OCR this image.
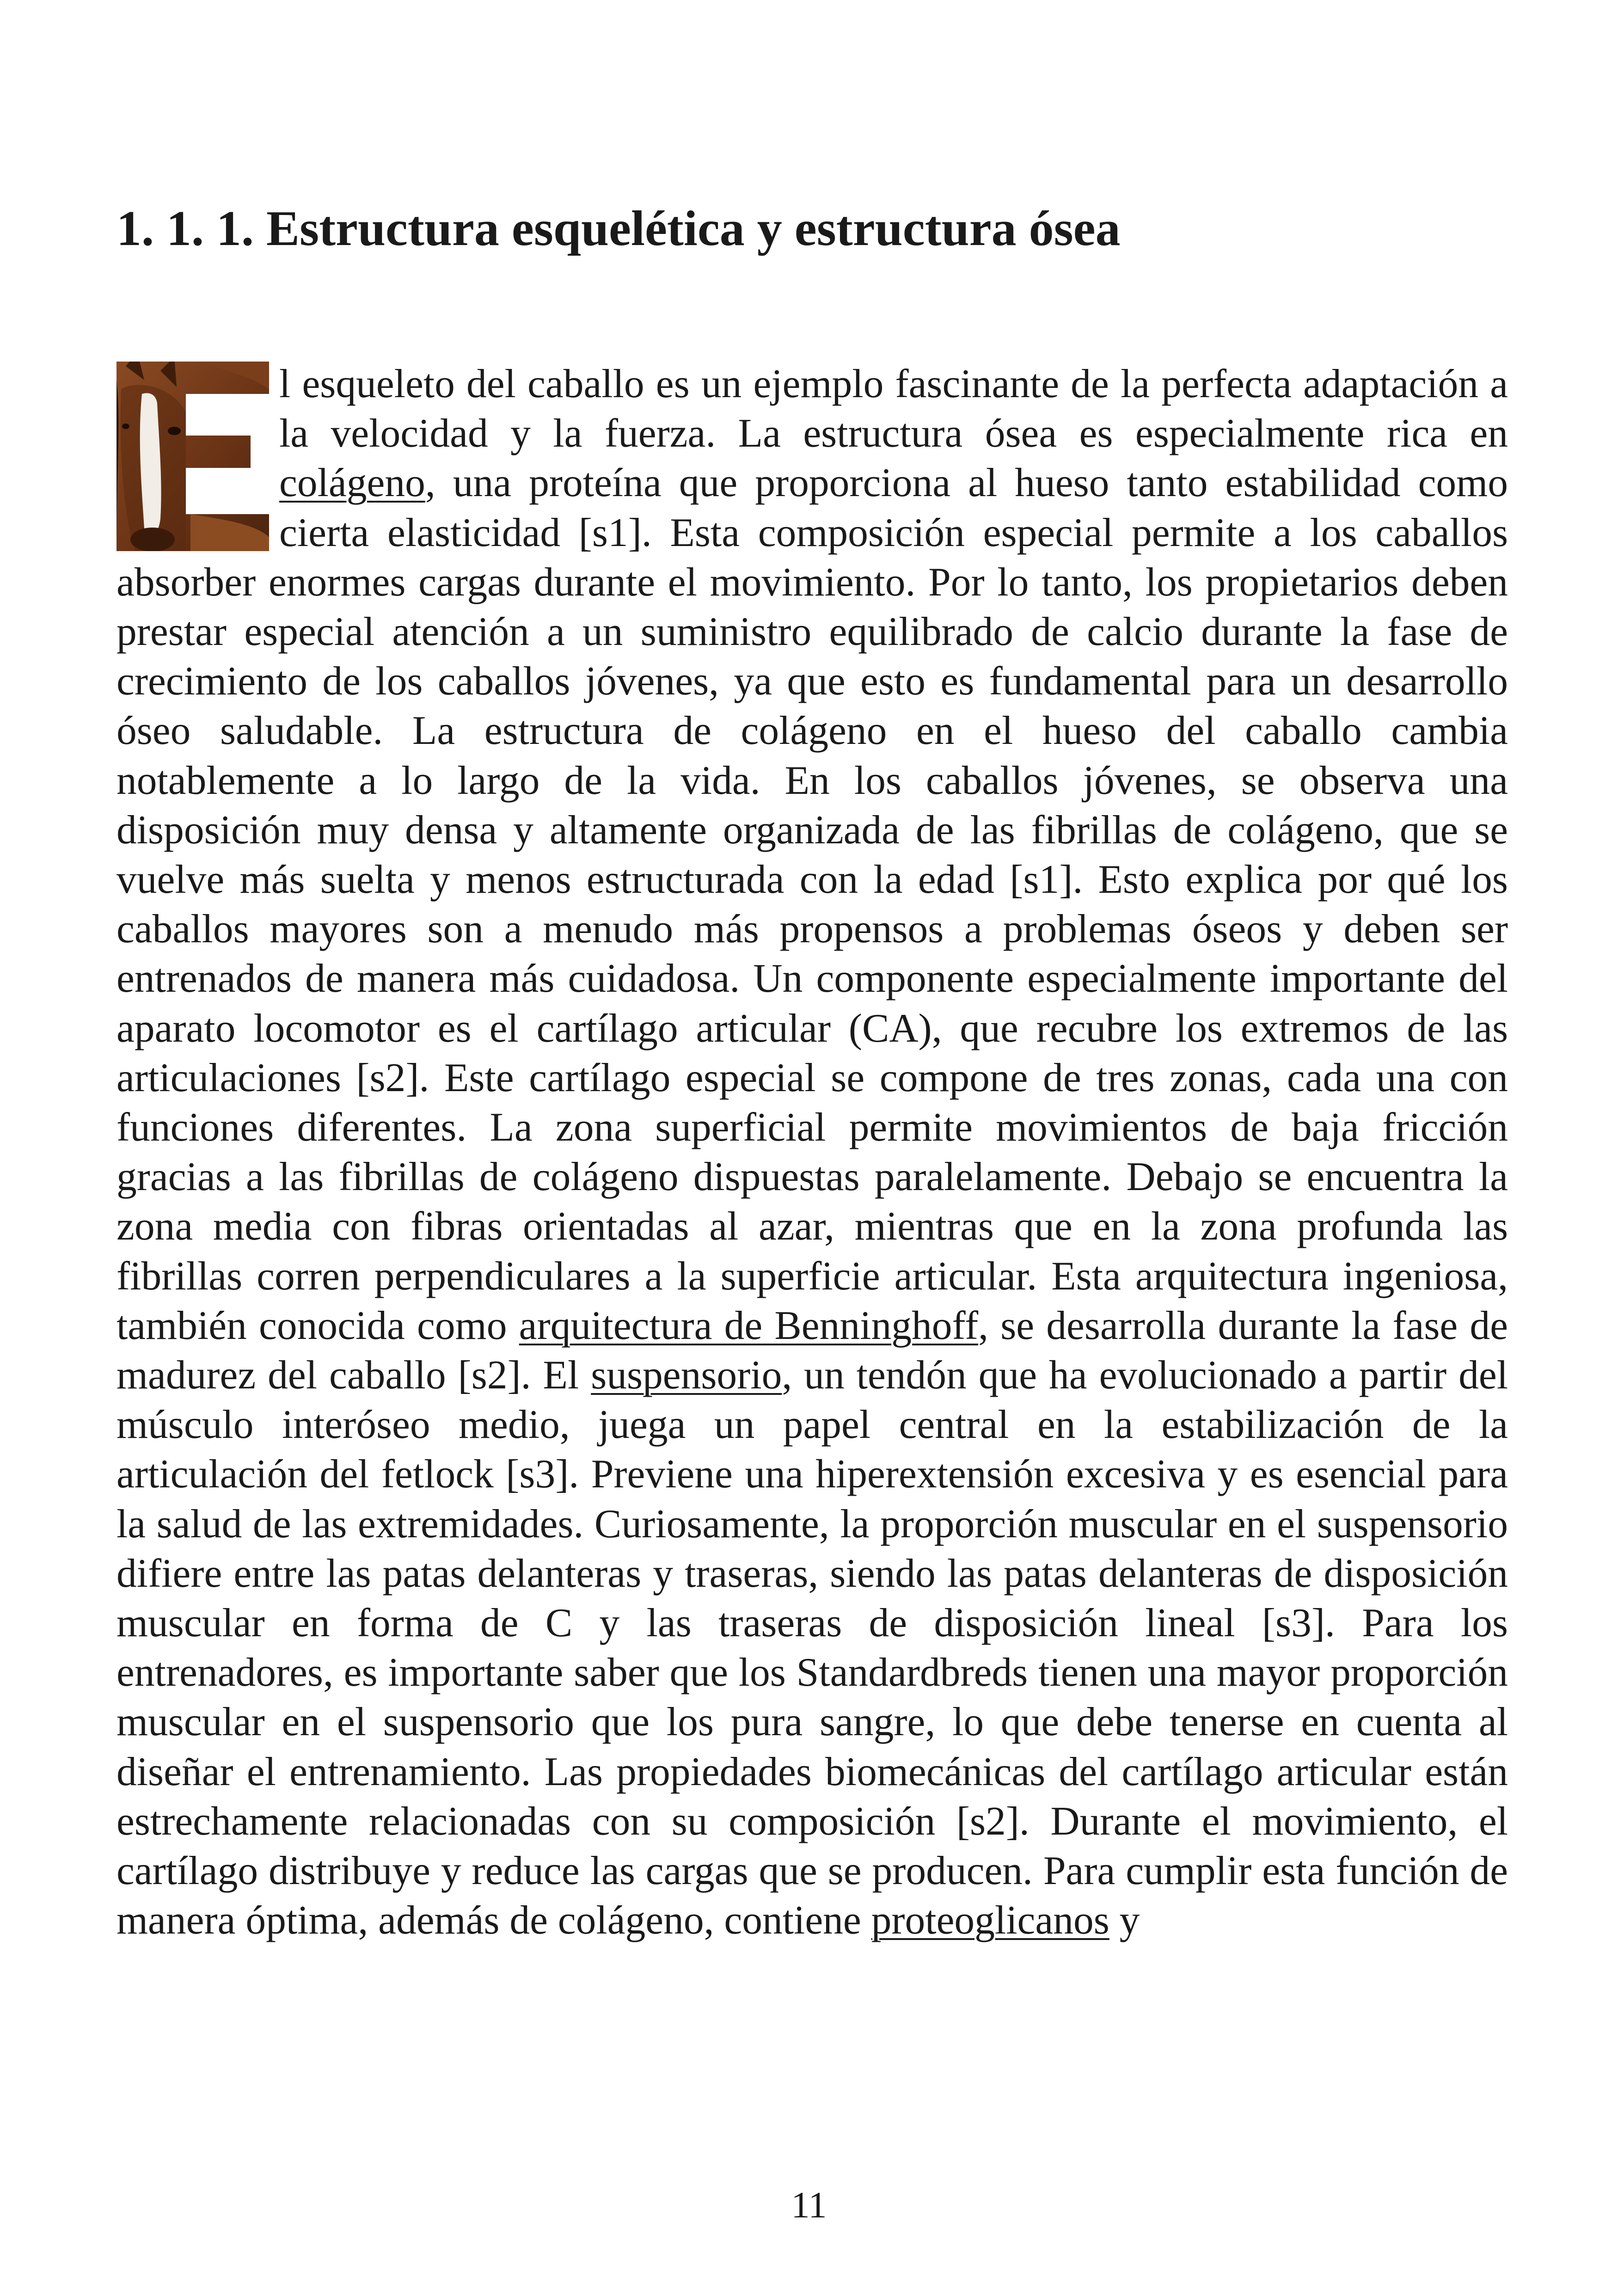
1. 1. 1. Estructura esquelética y estructura ósea

l esqueleto del caballo es un ejemplo fascinante de la perfecta adaptación a la velocidad y la fuerza. La estructura ósea es especialmente rica en colágeno, una proteína que proporciona al hueso tanto estabilidad como cierta elasticidad [s1]. Esta composición especial permite a los caballos absorber enormes cargas durante el movimiento. Por lo tanto, los propietarios deben prestar especial atención a un suministro equilibrado de calcio durante la fase de crecimiento de los caballos jóvenes, ya que esto es fundamental para un desarrollo óseo saludable. La estructura de colágeno en el hueso del caballo cambia notablemente a lo largo de la vida. En los caballos jóvenes, se observa una disposición muy densa y altamente organizada de las fibrillas de colágeno, que se vuelve más suelta y menos estructurada con la edad [s1]. Esto explica por qué los caballos mayores son a menudo más propensos a problemas óseos y deben ser entrenados de manera más cuidadosa. Un componente especialmente importante del aparato locomotor es el cartílago articular (CA), que recubre los extremos de las articulaciones [s2]. Este cartílago especial se compone de tres zonas, cada una con funciones diferentes. La zona superficial permite movimientos de baja fricción gracias a las fibrillas de colágeno dispuestas paralelamente. Debajo se encuentra la zona media con fibras orientadas al azar, mientras que en la zona profunda las fibrillas corren perpendiculares a la superficie articular. Esta arquitectura ingeniosa, también conocida como arquitectura de Benninghoff, se desarrolla durante la fase de madurez del caballo [s2]. El suspensorio, un tendón que ha evolucionado a partir del músculo interóseo medio, juega un papel central en la estabilización de la articulación del fetlock [s3]. Previene una hiperextensión excesiva y es esencial para la salud de las extremidades. Curiosamente, la proporción muscular en el suspensorio difiere entre las patas delanteras y traseras, siendo las patas delanteras de disposición muscular en forma de C y las traseras de disposición lineal [s3]. Para los entrenadores, es importante saber que los Standardbreds tienen una mayor proporción muscular en el suspensorio que los pura sangre, lo que debe tenerse en cuenta al diseñar el entrenamiento. Las propiedades biomecánicas del cartílago articular están estrechamente relacionadas con su composición [s2]. Durante el movimiento, el cartílago distribuye y reduce las cargas que se producen. Para cumplir esta función de manera óptima, además de colágeno, contiene proteoglicanos y

11
